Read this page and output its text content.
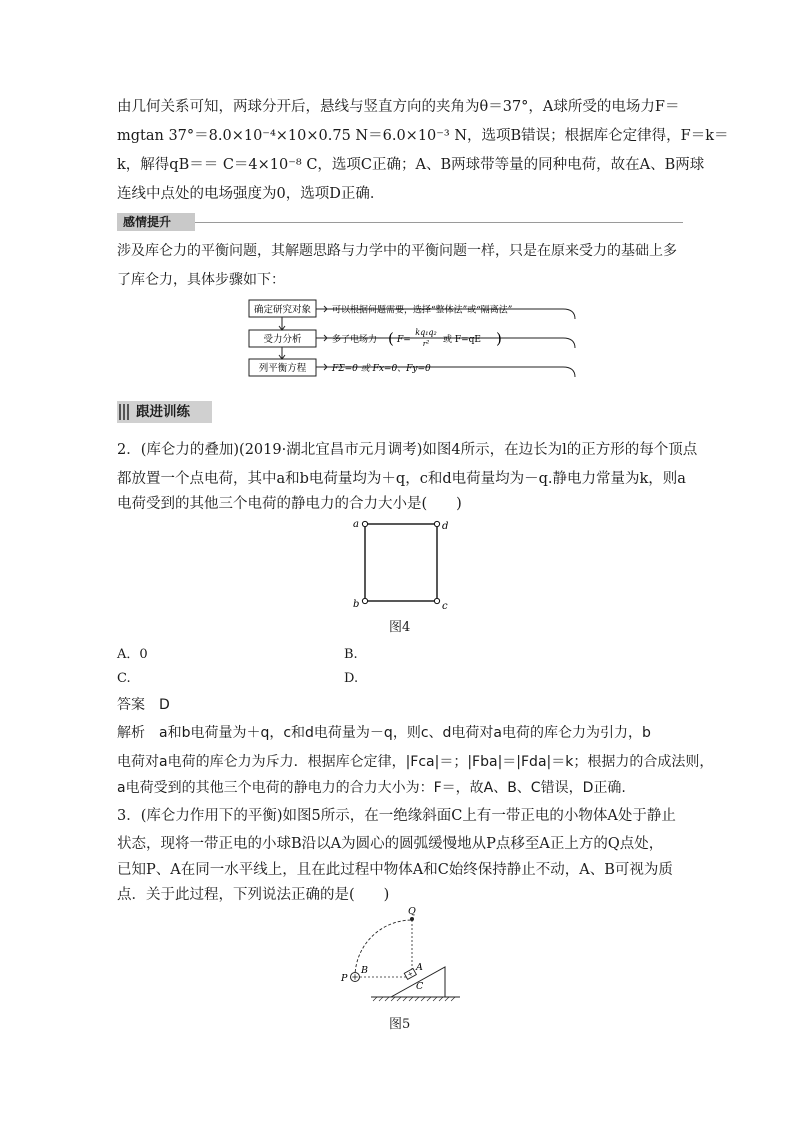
由几何关系可知，两球分开后，悬线与竖直方向的夹角为θ＝37°，A球所受的电场力F＝
mgtan 37°＝8.0×10⁻⁴×10×0.75 N＝6.0×10⁻³ N，选项B错误；根据库仑定律得，F＝k＝
k，解得qB＝＝ C＝4×10⁻⁸ C，选项C正确；A、B两球带等量的同种电荷，故在A、B两球
连线中点处的电场强度为0，选项D正确．
感情提升
涉及库仑力的平衡问题，其解题思路与力学中的平衡问题一样，只是在原来受力的基础上多
了库仑力，具体步骤如下：
确定研究对象
受力分析
列平衡方程
可以根据问题需要，选择“整体法”或“隔离法”
多了电场力 ( F=
kq₁q₂
r² 或 F=qE )
FΣ=0 或 Fx=0、Fy=0
跟进训练
2．(库仑力的叠加)(2019·湖北宜昌市元月调考)如图4所示，在边长为l的正方形的每个顶点
都放置一个点电荷，其中a和b电荷量均为＋q，c和d电荷量均为－q.静电力常量为k，则a
电荷受到的其他三个电荷的静电力的合力大小是(　　)
a	d
b	c
图4
A．0	B.
C.	D.
答案　D
解析　a和b电荷量为＋q，c和d电荷量为－q，则c、d电荷对a电荷的库仑力为引力，b
电荷对a电荷的库仑力为斥力．根据库仑定律，|Fca|＝；|Fba|＝|Fda|＝k；根据力的合成法则，
a电荷受到的其他三个电荷的静电力的合力大小为：F＝，故A、B、C错误，D正确.
3．(库仑力作用下的平衡)如图5所示，在一绝缘斜面C上有一带正电的小物体A处于静止
状态，现将一带正电的小球B沿以A为圆心的圆弧缓慢地从P点移至A正上方的Q点处，
已知P、A在同一水平线上，且在此过程中物体A和C始终保持静止不动，A、B可视为质
点．关于此过程，下列说法正确的是(　　)
Q
P
B	A
C
图5
